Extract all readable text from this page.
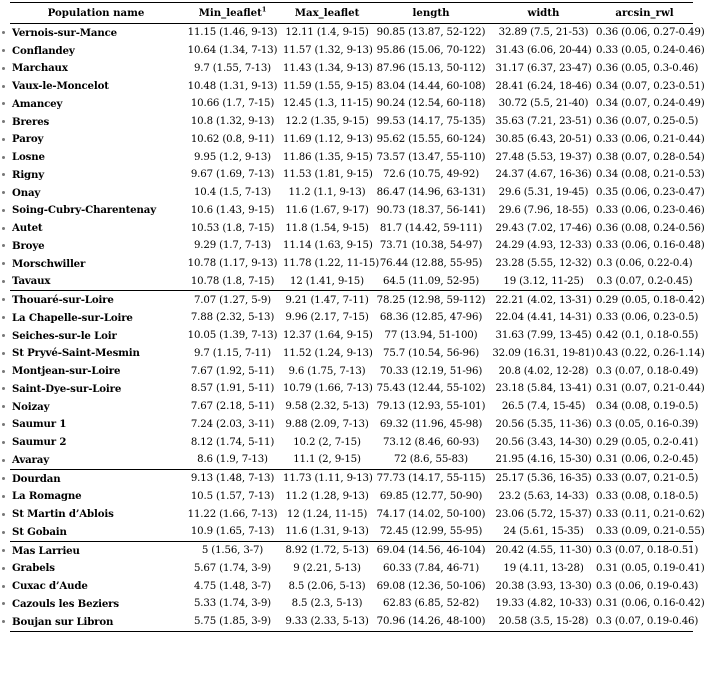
Population name	Min_leaflet$^1$	Max_leaflet	length	width	arcsin_rwl
Vernois-sur-Mance	11.15 (1.46, 9-13)	12.11 (1.4, 9-15)	90.85 (13.87, 52-122)	32.89 (7.5, 21-53)	0.36 (0.06, 0.27-0.49)
Conflandey	10.64 (1.34, 7-13)	11.57 (1.32, 9-13)	95.86 (15.06, 70-122)	31.43 (6.06, 20-44)	0.33 (0.05, 0.24-0.46)
Marchaux	9.7 (1.55, 7-13)	11.43 (1.34, 9-13)	87.96 (15.13, 50-112)	31.17 (6.37, 23-47)	0.36 (0.05, 0.3-0.46)
Vaux-le-Moncelot	10.48 (1.31, 9-13)	11.59 (1.55, 9-15)	83.04 (14.44, 60-108)	28.41 (6.24, 18-46)	0.34 (0.07, 0.23-0.51)
Amancey	10.66 (1.7, 7-15)	12.45 (1.3, 11-15)	90.24 (12.54, 60-118)	30.72 (5.5, 21-40)	0.34 (0.07, 0.24-0.49)
Breres	10.8 (1.32, 9-13)	12.2 (1.35, 9-15)	99.53 (14.17, 75-135)	35.63 (7.21, 23-51)	0.36 (0.07, 0.25-0.5)
Paroy	10.62 (0.8, 9-11)	11.69 (1.12, 9-13)	95.62 (15.55, 60-124)	30.85 (6.43, 20-51)	0.33 (0.06, 0.21-0.44)
Losne	9.95 (1.2, 9-13)	11.86 (1.35, 9-15)	73.57 (13.47, 55-110)	27.48 (5.53, 19-37)	0.38 (0.07, 0.28-0.54)
Rigny	9.67 (1.69, 7-13)	11.53 (1.81, 9-15)	72.6 (10.75, 49-92)	24.37 (4.67, 16-36)	0.34 (0.08, 0.21-0.53)
Onay	10.4 (1.5, 7-13)	11.2 (1.1, 9-13)	86.47 (14.96, 63-131)	29.6 (5.31, 19-45)	0.35 (0.06, 0.23-0.47)
Soing-Cubry-Charentenay	10.6 (1.43, 9-15)	11.6 (1.67, 9-17)	90.73 (18.37, 56-141)	29.6 (7.96, 18-55)	0.33 (0.06, 0.23-0.46)
Autet	10.53 (1.8, 7-15)	11.8 (1.54, 9-15)	81.7 (14.42, 59-111)	29.43 (7.02, 17-46)	0.36 (0.08, 0.24-0.56)
Broye	9.29 (1.7, 7-13)	11.14 (1.63, 9-15)	73.71 (10.38, 54-97)	24.29 (4.93, 12-33)	0.33 (0.06, 0.16-0.48)
Morschwiller	10.78 (1.17, 9-13)	11.78 (1.22, 11-15)	76.44 (12.88, 55-95)	23.28 (5.55, 12-32)	0.3 (0.06, 0.22-0.4)
Tavaux	10.78 (1.8, 7-15)	12 (1.41, 9-15)	64.5 (11.09, 52-95)	19 (3.12, 11-25)	0.3 (0.07, 0.2-0.45)
Thouaré-sur-Loire	7.07 (1.27, 5-9)	9.21 (1.47, 7-11)	78.25 (12.98, 59-112)	22.21 (4.02, 13-31)	0.29 (0.05, 0.18-0.42)
La Chapelle-sur-Loire	7.88 (2.32, 5-13)	9.96 (2.17, 7-15)	68.36 (12.85, 47-96)	22.04 (4.41, 14-31)	0.33 (0.06, 0.23-0.5)
Seiches-sur-le Loir	10.05 (1.39, 7-13)	12.37 (1.64, 9-15)	77 (13.94, 51-100)	31.63 (7.99, 13-45)	0.42 (0.1, 0.18-0.55)
St Pryvé-Saint-Mesmin	9.7 (1.15, 7-11)	11.52 (1.24, 9-13)	75.7 (10.54, 56-96)	32.09 (16.31, 19-81)	0.43 (0.22, 0.26-1.14)
Montjean-sur-Loire	7.67 (1.92, 5-11)	9.6 (1.75, 7-13)	70.33 (12.19, 51-96)	20.8 (4.02, 12-28)	0.3 (0.07, 0.18-0.49)
Saint-Dye-sur-Loire	8.57 (1.91, 5-11)	10.79 (1.66, 7-13)	75.43 (12.44, 55-102)	23.18 (5.84, 13-41)	0.31 (0.07, 0.21-0.44)
Noizay	7.67 (2.18, 5-11)	9.58 (2.32, 5-13)	79.13 (12.93, 55-101)	26.5 (7.4, 15-45)	0.34 (0.08, 0.19-0.5)
Saumur 1	7.24 (2.03, 3-11)	9.88 (2.09, 7-13)	69.32 (11.96, 45-98)	20.56 (5.35, 11-36)	0.3 (0.05, 0.16-0.39)
Saumur 2	8.12 (1.74, 5-11)	10.2 (2, 7-15)	73.12 (8.46, 60-93)	20.56 (3.43, 14-30)	0.29 (0.05, 0.2-0.41)
Avaray	8.6 (1.9, 7-13)	11.1 (2, 9-15)	72 (8.6, 55-83)	21.95 (4.16, 15-30)	0.31 (0.06, 0.2-0.45)
Dourdan	9.13 (1.48, 7-13)	11.73 (1.11, 9-13)	77.73 (14.17, 55-115)	25.17 (5.36, 16-35)	0.33 (0.07, 0.21-0.5)
La Romagne	10.5 (1.57, 7-13)	11.2 (1.28, 9-13)	69.85 (12.77, 50-90)	23.2 (5.63, 14-33)	0.33 (0.08, 0.18-0.5)
St Martin d’Ablois	11.22 (1.66, 7-13)	12 (1.24, 11-15)	74.17 (14.02, 50-100)	23.06 (5.72, 15-37)	0.33 (0.11, 0.21-0.62)
St Gobain	10.9 (1.65, 7-13)	11.6 (1.31, 9-13)	72.45 (12.99, 55-95)	24 (5.61, 15-35)	0.33 (0.09, 0.21-0.55)
Mas Larrieu	5 (1.56, 3-7)	8.92 (1.72, 5-13)	69.04 (14.56, 46-104)	20.42 (4.55, 11-30)	0.3 (0.07, 0.18-0.51)
Grabels	5.67 (1.74, 3-9)	9 (2.21, 5-13)	60.33 (7.84, 46-71)	19 (4.11, 13-28)	0.31 (0.05, 0.19-0.41)
Cuxac d’Aude	4.75 (1.48, 3-7)	8.5 (2.06, 5-13)	69.08 (12.36, 50-106)	20.38 (3.93, 13-30)	0.3 (0.06, 0.19-0.43)
Cazouls les Beziers	5.33 (1.74, 3-9)	8.5 (2.3, 5-13)	62.83 (6.85, 52-82)	19.33 (4.82, 10-33)	0.31 (0.06, 0.16-0.42)
Boujan sur Libron	5.75 (1.85, 3-9)	9.33 (2.33, 5-13)	70.96 (14.26, 48-100)	20.58 (3.5, 15-28)	0.3 (0.07, 0.19-0.46)
